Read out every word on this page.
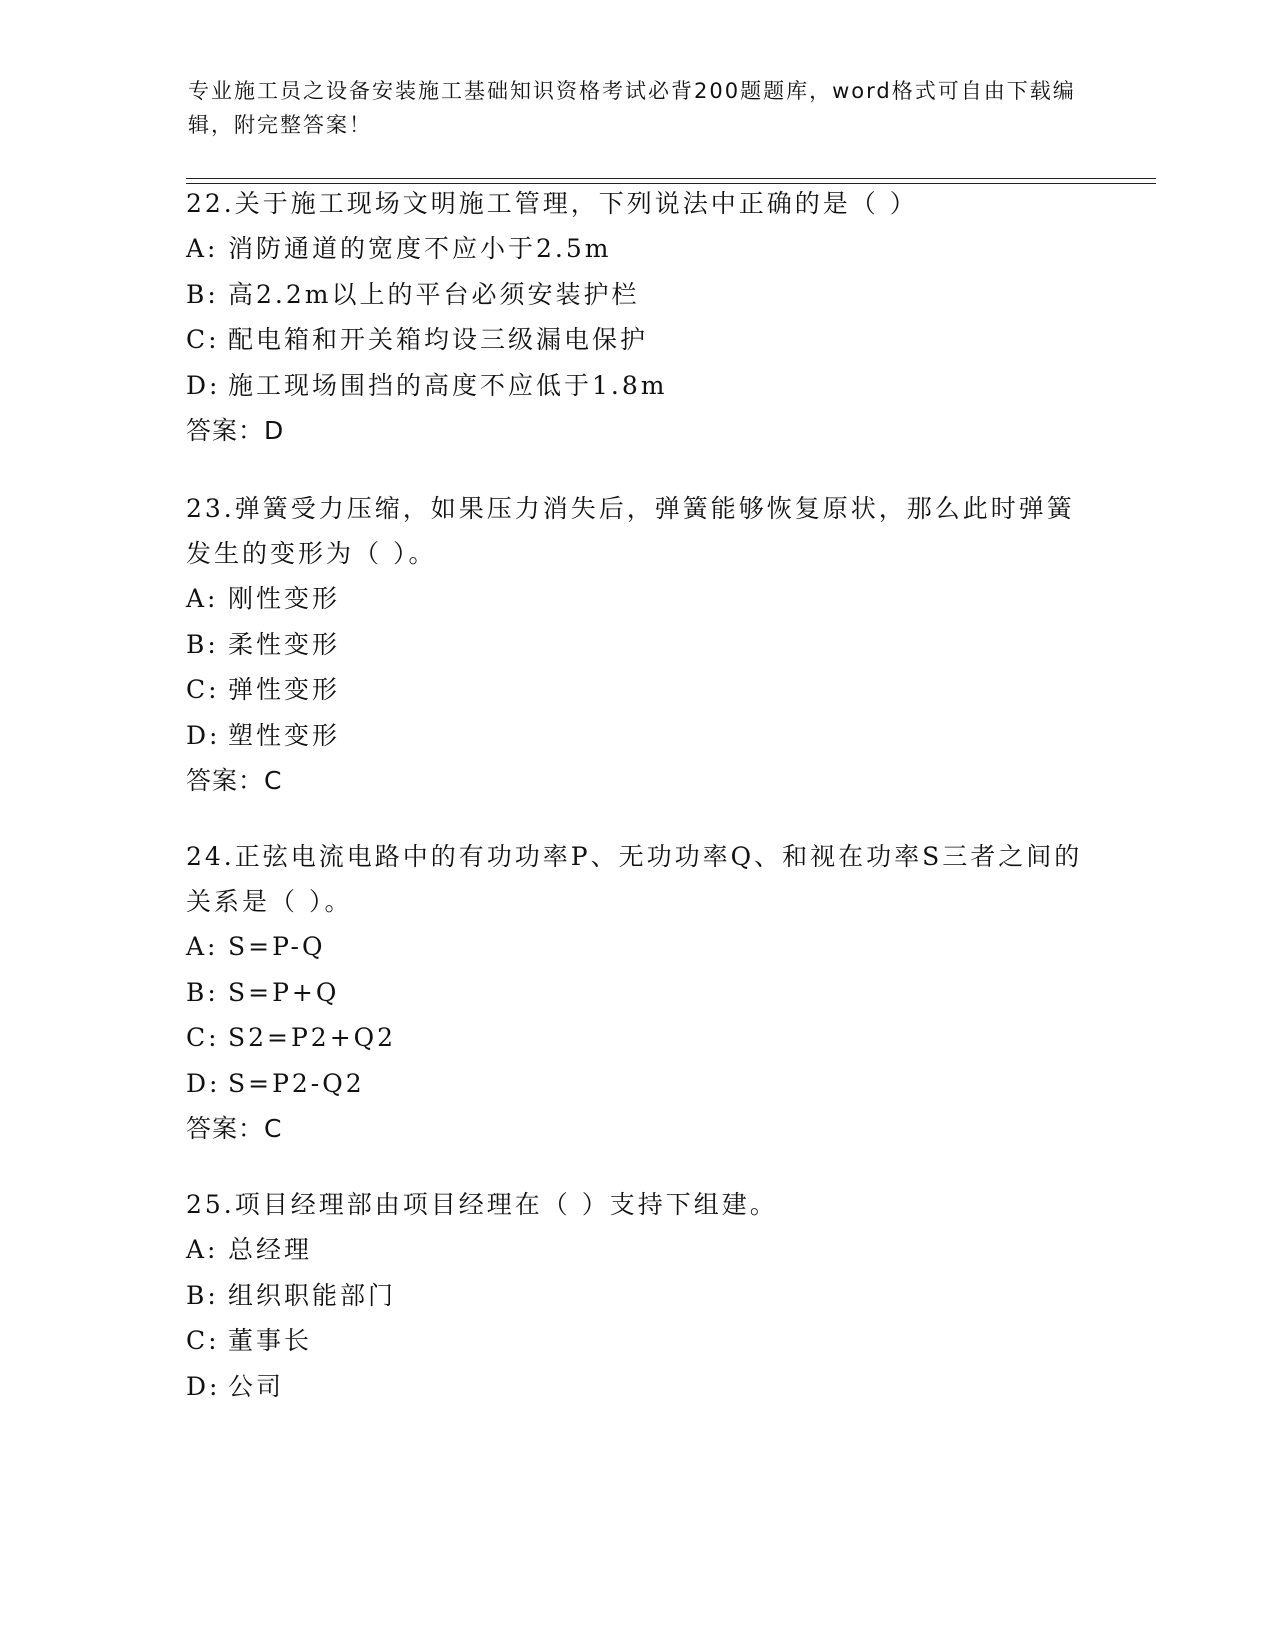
专业施工员之设备安装施工基础知识资格考试必背200题题库，word格式可自由下载编辑，附完整答案！

22.关于施工现场文明施工管理，下列说法中正确的是（ ）

A: 消防通道的宽度不应小于2.5m
B: 高2.2m以上的平台必须安装护栏
C: 配电箱和开关箱均设三级漏电保护
D: 施工现场围挡的高度不应低于1.8m
答案：D

23.弹簧受力压缩，如果压力消失后，弹簧能够恢复原状，那么此时弹簧发生的变形为（ ）。

A: 刚性变形
B: 柔性变形
C: 弹性变形
D: 塑性变形
答案：C

24.正弦电流电路中的有功功率P、无功功率Q、和视在功率S三者之间的关系是（ ）。

A: S=P-Q
B: S=P+Q
C: S2=P2+Q2
D: S=P2-Q2
答案：C

25.项目经理部由项目经理在（ ）支持下组建。

A: 总经理
B: 组织职能部门
C: 董事长
D: 公司
